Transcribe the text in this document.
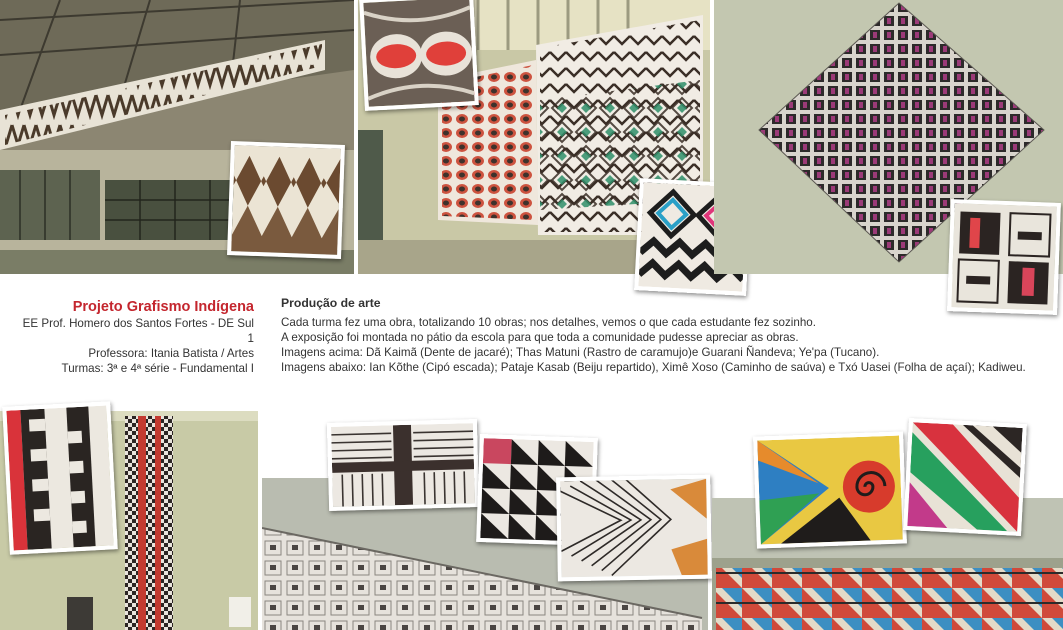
Projeto Grafismo Indígena
EE Prof. Homero dos Santos Fortes - DE Sul 1
Professora: Itania Batista / Artes
Turmas: 3ª e 4ª série - Fundamental I
Produção de arte
Cada turma fez uma obra, totalizando 10 obras; nos detalhes, vemos o que cada estudante fez sozinho.
A exposição foi montada no pátio da escola para que toda a comunidade pudesse apreciar as obras.
Imagens acima: Dã Kaimã (Dente de jacaré); Thas Matuni (Rastro de caramujo)e Guarani Ñandeva; Ye'pa (Tucano).
Imagens abaixo: Ian Kõthe (Cipó escada); Pataje Kasab (Beiju repartido), Ximê Xoso (Caminho de saúva) e Txó Uasei (Folha de açaí); Kadiweu.
